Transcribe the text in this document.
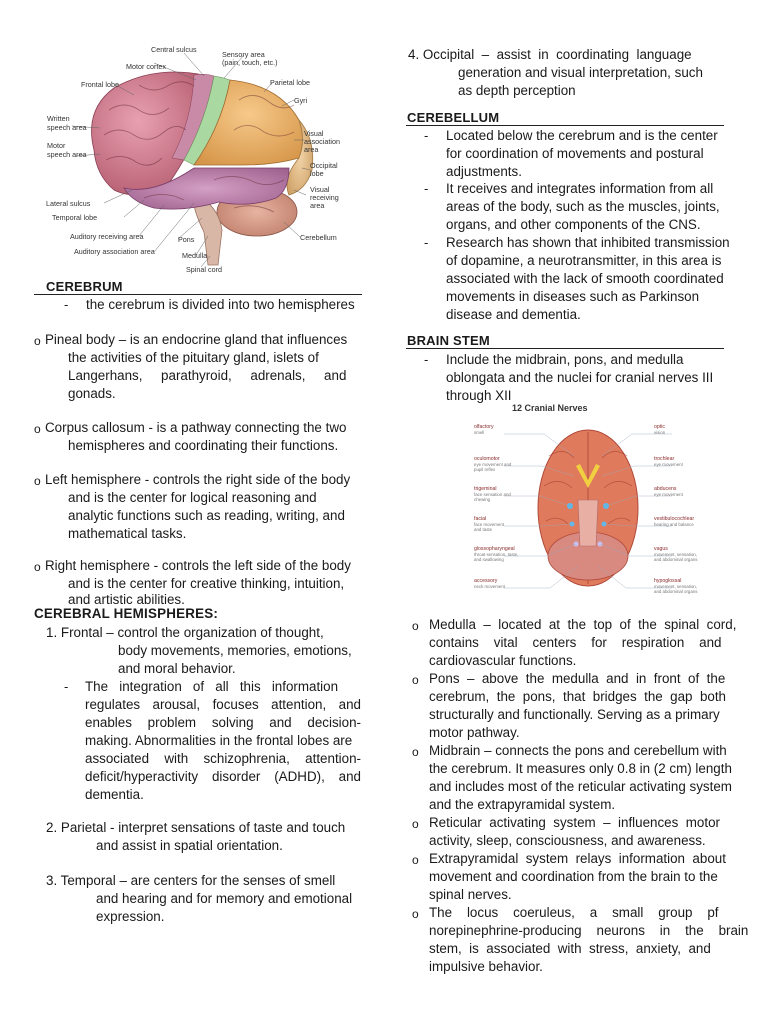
Central sulcus
Sensory area
(pain, touch, etc.)
Motor cortex
Frontal lobe	Parietal lobe
Gyri
Written
speech area
Motor
speech area
Visual
association
area
Occipital
lobe
Visual
receiving
area
Lateral sulcus
Temporal lobe
Auditory receiving area
Auditory association area
Pons
Medulla
Spinal cord
Cerebellum
CEREBRUM
- the cerebrum is divided into two hemispheres
o Pineal body – is an endocrine gland that influences
the activities of the pituitary gland, islets of
Langerhans,     parathyroid,     adrenals,     and
gonads.
o Corpus callosum - is a pathway connecting the two
hemispheres and coordinating their functions.
o Left hemisphere - controls the right side of the body
and is the center for logical reasoning and
analytic functions such as reading, writing, and
mathematical tasks.
o Right hemisphere - controls the left side of the body
and is the center for creative thinking, intuition,
and artistic abilities.
CEREBRAL HEMISPHERES:
1. Frontal – control the organization of thought,
body movements, memories, emotions,
and moral behavior.
- The   integration   of   all   this   information
regulates arousal, focuses attention, and
enables problem solving and decision-
making. Abnormalities in the frontal lobes are
associated with schizophrenia, attention-
deficit/hyperactivity disorder (ADHD), and
dementia.
2. Parietal - interpret sensations of taste and touch
and assist in spatial orientation.
3. Temporal – are centers for the senses of smell
and hearing and for memory and emotional
expression.
4. Occipital  –  assist  in  coordinating  language
generation and visual interpretation, such
as depth perception
CEREBELLUM
- Located below the cerebrum and is the center
for coordination of movements and postural
adjustments.
- It receives and integrates information from all
areas of the body, such as the muscles, joints,
organs, and other components of the CNS.
- Research has shown that inhibited transmission
of dopamine, a neurotransmitter, in this area is
associated with the lack of smooth coordinated
movements in diseases such as Parkinson
disease and dementia.
BRAIN STEM
- Include the midbrain, pons, and medulla
oblongata and the nuclei for cranial nerves III
through XII
12 Cranial Nerves
olfactory
smell
oculomotor
eye movement and
pupil reflex
trigeminal
face sensation and
chewing
facial
face movement
and taste
glossopharyngeal
throat sensation, taste,
and swallowing
accessory
neck movement
optic
vision
trochlear
eye movement
abducens
eye movement
vestibulocochlear
hearing and balance
vagus
movement, sensation,
and abdominal organs
hypoglossal
movement, sensation,
and abdominal organs
o Medulla  –  located  at  the  top  of  the  spinal  cord,
contains    vital    centers    for    respiration    and
cardiovascular functions.
o Pons  –  above  the  medulla  and  in  front  of  the
cerebrum,  the  pons,  that  bridges  the  gap  both
structurally and functionally. Serving as a primary
motor pathway.
o Midbrain – connects the pons and cerebellum with
the cerebrum. It measures only 0.8 in (2 cm) length
and includes most of the reticular activating system
and the extrapyramidal system.
o Reticular  activating  system  –  influences  motor
activity, sleep, consciousness, and awareness.
o Extrapyramidal  system  relays  information  about
movement and coordination from the brain to the
spinal nerves.
o The    locus    coeruleus,    a    small    group    pf
norepinephrine-producing    neurons    in    the    brain
stem,  is  associated  with  stress,  anxiety,  and
impulsive behavior.
